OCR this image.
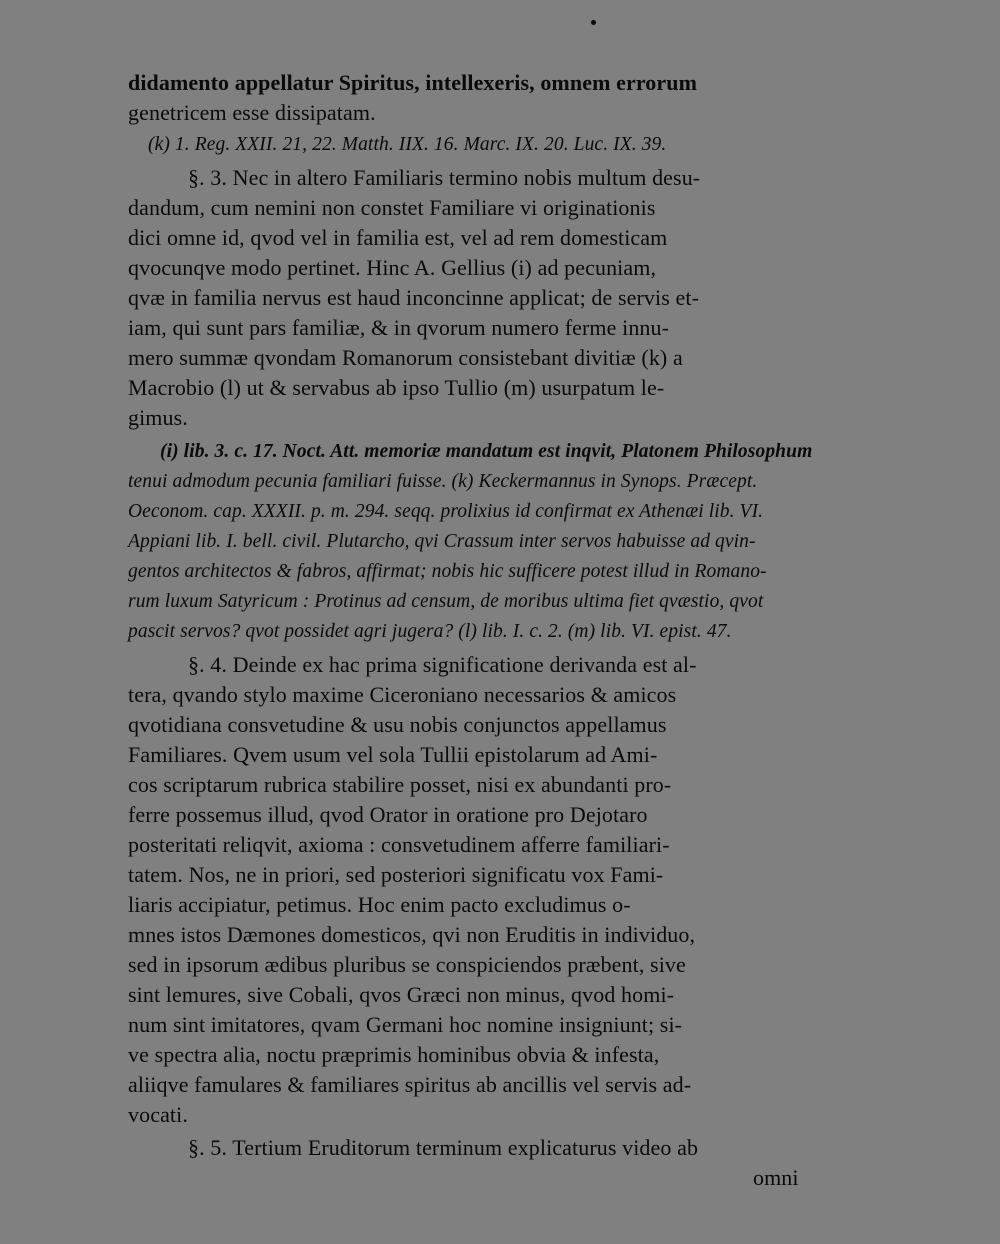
didamento appellatur Spiritus, intellexeris, omnem errorum
genetricem esse dissipatam.
(k) 1. Reg. XXII. 21, 22. Matth. IIX. 16. Marc. IX. 20. Luc. IX. 39.
§. 3. Nec in altero Familiaris termino nobis multum desu-
dandum, cum nemini non constet Familiare vi originationis
dici omne id, qvod vel in familia est, vel ad rem domesticam
qvocunqve modo pertinet. Hinc A. Gellius (i) ad pecuniam,
qvæ in familia nervus est haud inconcinne applicat; de servis et-
iam, qui sunt pars familiæ, & in qvorum numero ferme innu-
mero summæ qvondam Romanorum consistebant divitiæ (k) a
Macrobio (l) ut & servabus ab ipso Tullio (m) usurpatum le-
gimus.
(i) lib. 3. c. 17. Noct. Att. memoriæ mandatum est inqvit, Platonem Philosophum
tenui admodum pecunia familiari fuisse. (k) Keckermannus in Synops. Præcept.
Oeconom. cap. XXXII. p. m. 294. seqq. prolixius id confirmat ex Athenæi lib. VI.
Appiani lib. I. bell. civil. Plutarcho, qvi Crassum inter servos habuisse ad qvin-
gentos architectos & fabros, affirmat; nobis hic sufficere potest illud in Romano-
rum luxum Satyricum : Protinus ad censum, de moribus ultima fiet qvæstio, qvot
pascit servos? qvot possidet agri jugera? (l) lib. I. c. 2. (m) lib. VI. epist. 47.
§. 4. Deinde ex hac prima significatione derivanda est al-
tera, qvando stylo maxime Ciceroniano necessarios & amicos
qvotidiana consvetudine & usu nobis conjunctos appellamus
Familiares. Qvem usum vel sola Tullii epistolarum ad Ami-
cos scriptarum rubrica stabilire posset, nisi ex abundanti pro-
ferre possemus illud, qvod Orator in oratione pro Dejotaro
posteritati reliqvit, axioma : consvetudinem afferre familiari-
tatem. Nos, ne in priori, sed posteriori significatu vox Fami-
liaris accipiatur, petimus. Hoc enim pacto excludimus o-
mnes istos Dæmones domesticos, qvi non Eruditis in individuo,
sed in ipsorum ædibus pluribus se conspiciendos præbent, sive
sint lemures, sive Cobali, qvos Græci non minus, qvod homi-
num sint imitatores, qvam Germani hoc nomine insigniunt; si-
ve spectra alia, noctu præprimis hominibus obvia & infesta,
aliiqve famulares & familiares spiritus ab ancillis vel servis ad-
vocati.
§. 5. Tertium Eruditorum terminum explicaturus video ab
omni
